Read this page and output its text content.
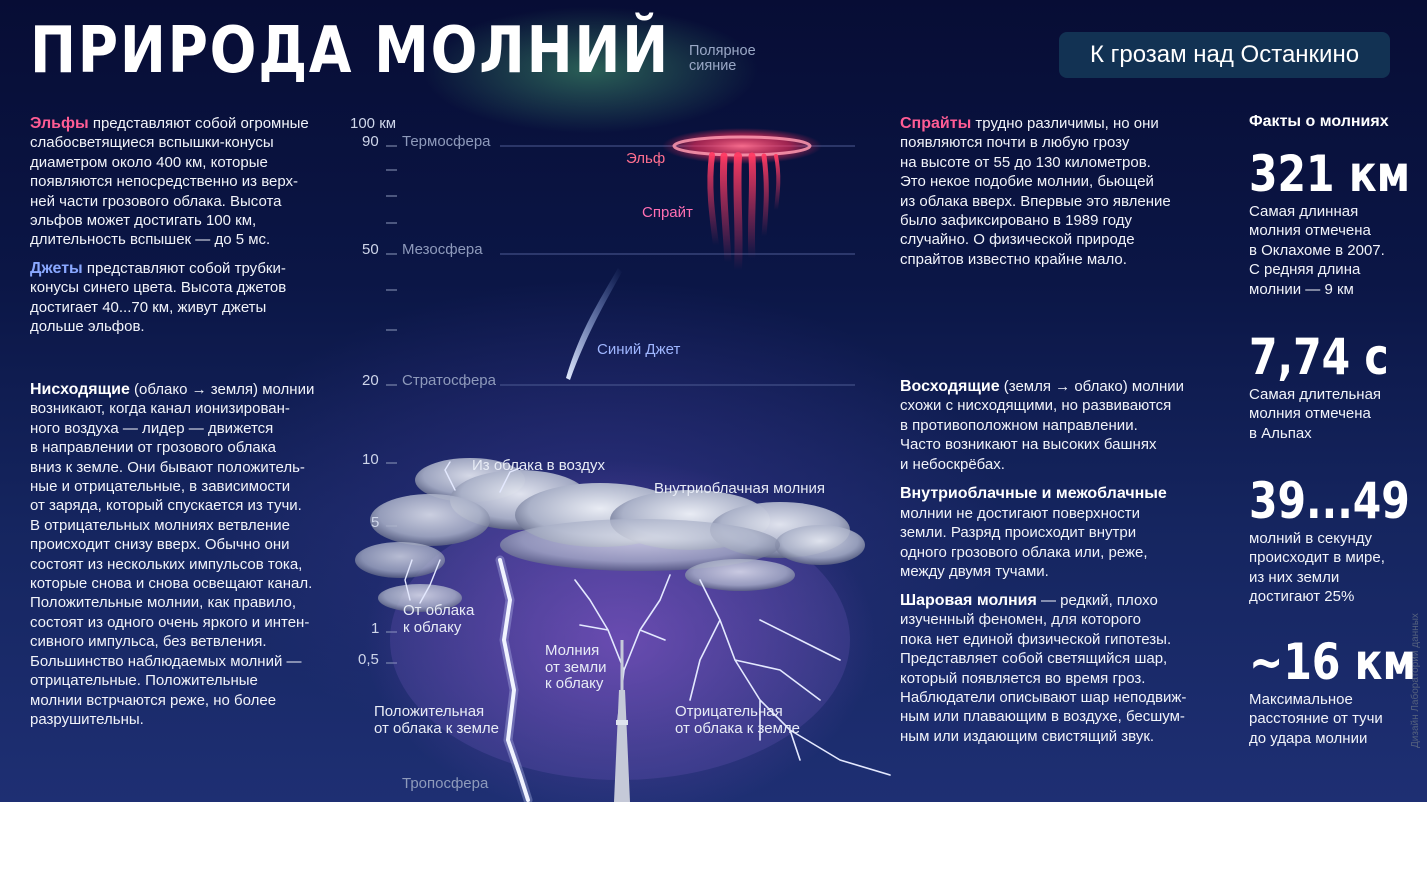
ПРИРОДА МОЛНИЙ Полярное
сияние	К грозам над Останкино

Эльфы представляют собой огромные

слабосветящиеся вспышки-конусы

диаметром около 400 км, которые

появляются непосредственно из верх-

ней части грозового облака. Высота

эльфов может достигать 100 км,

длительность вспышек — до 5 мс.

Джеты представляют собой трубки-

конусы синего цвета. Высота джетов

достигает 40...70 км, живут джеты

дольше эльфов.

Нисходящие (облако → земля) молнии

возникают, когда канал ионизирован-

ного воздуха — лидер — движется

в направлении от грозового облака

вниз к земле. Они бывают положитель-

ные и отрицательные, в зависимости

от заряда, который спускается из тучи.

В отрицательных молниях ветвление

происходит снизу вверх. Обычно они

состоят из нескольких импульсов тока,

которые снова и снова освещают канал.

Положительные молнии, как правило,

состоят из одного очень яркого и интен-

сивного импульса, без ветвления.

Большинство наблюдаемых молний —

отрицательные. Положительные

молнии встрчаются реже, но более

разрушительны.

100 км
90
50
20
10
5
1
0,5
Термосфера
Мезосфера
Стратосфера
Тропосфера
Эльф
Спрайт
Синий Джет
Из облака в воздух
Внутриоблачная молния
От облака
к облаку
Молния
от земли
к облаку
Положительная
от облака к земле
Отрицательная
от облака к земле

Спрайты трудно различимы, но они

появляются почти в любую грозу

на высоте от 55 до 130 километров.

Это некое подобие молнии, бьющей

из облака вверх. Впервые это явление

было зафиксировано в 1989 году

случайно. О физической природе

спрайтов известно крайне мало.

Восходящие (земля → облако) молнии

схожи с нисходящими, но развиваются

в противоположном направлении.

Часто возникают на высоких башнях

и небоскрёбах.

Внутриоблачные и межоблачные

молнии не достигают поверхности

земли. Разряд происходит внутри

одного грозового облака или, реже,

между двумя тучами.

Шаровая молния — редкий, плохо

изученный феномен, для которого

пока нет единой физической гипотезы.

Представляет собой светящийся шар,

который появляется во время гроз.

Наблюдатели описывают шар неподвиж-

ным или плавающим в воздухе, бесшум-

ным или издающим свистящий звук.

Факты о молниях
321 км

Самая длинная

молния отмечена

в Оклахоме в 2007.

С редняя длина

молнии — 9 км

7,74 с

Самая длительная

молния отмечена

в Альпах

39...49

молний в секунду

происходит в мире,

из них земли

достигают 25%

~16 км

Максимальное

расстояние от тучи

до удара молнии	Дизайн Лаборатории данных
